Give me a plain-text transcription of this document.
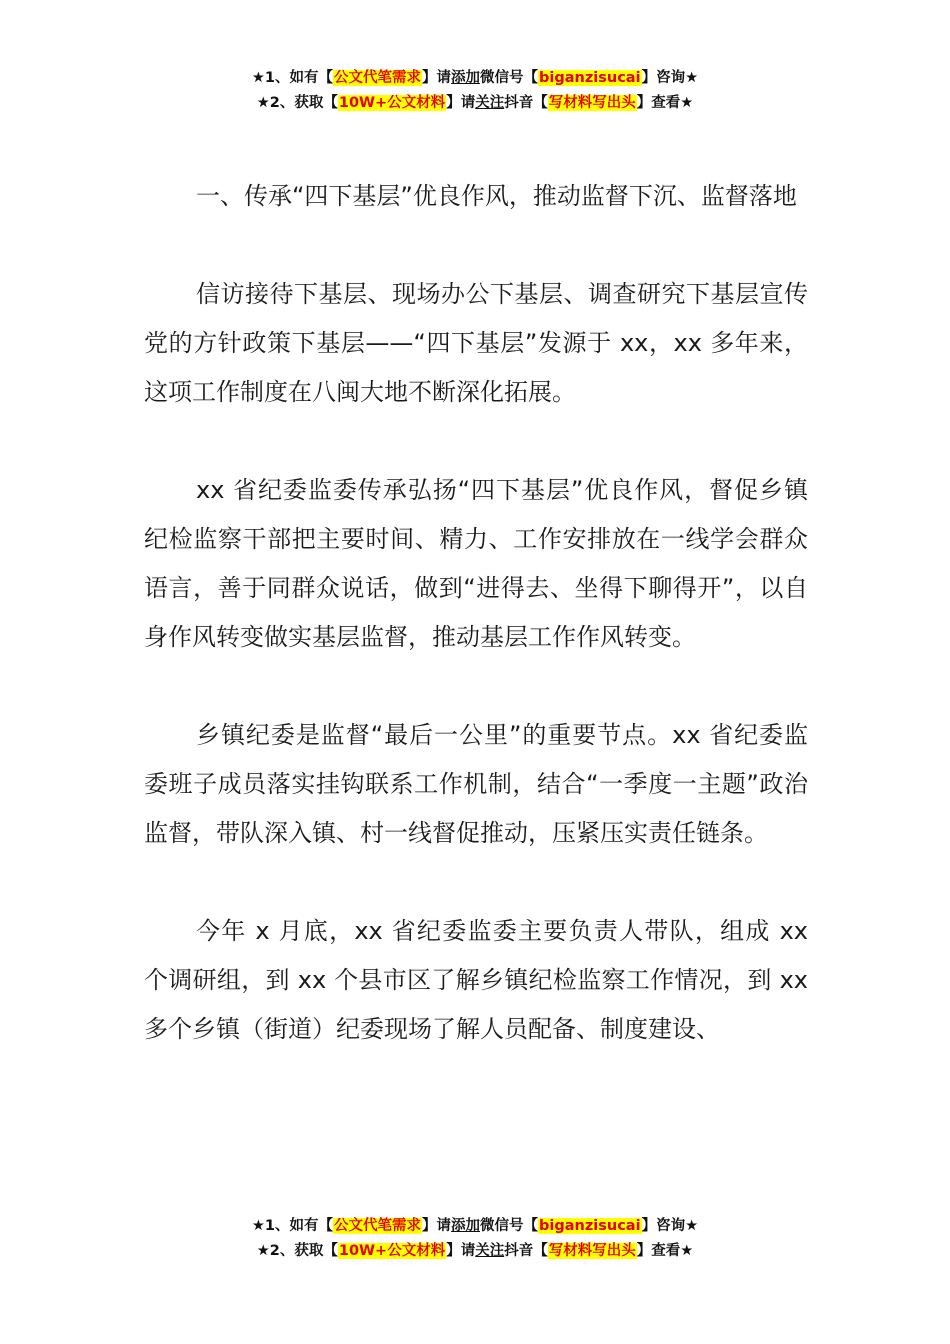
★1、如有【公文代笔需求】请添加微信号【biganzisucai】咨询★
★2、获取【10W+公文材料】请关注抖音【写材料写出头】查看★

一、传承“四下基层”优良作风，推动监督下沉、监督落地

信访接待下基层、现场办公下基层、调查研究下基层宣传党的方针政策下基层——“四下基层”发源于 xx，xx 多年来，这项工作制度在八闽大地不断深化拓展。

xx 省纪委监委传承弘扬“四下基层”优良作风，督促乡镇纪检监察干部把主要时间、精力、工作安排放在一线学会群众语言，善于同群众说话，做到“进得去、坐得下聊得开”，以自身作风转变做实基层监督，推动基层工作作风转变。

乡镇纪委是监督“最后一公里”的重要节点。xx 省纪委监委班子成员落实挂钩联系工作机制，结合“一季度一主题”政治监督，带队深入镇、村一线督促推动，压紧压实责任链条。

今年 x 月底，xx 省纪委监委主要负责人带队，组成 xx 个调研组，到 xx 个县市区了解乡镇纪检监察工作情况，到 xx 多个乡镇（街道）纪委现场了解人员配备、制度建设、

★1、如有【公文代笔需求】请添加微信号【biganzisucai】咨询★
★2、获取【10W+公文材料】请关注抖音【写材料写出头】查看★
